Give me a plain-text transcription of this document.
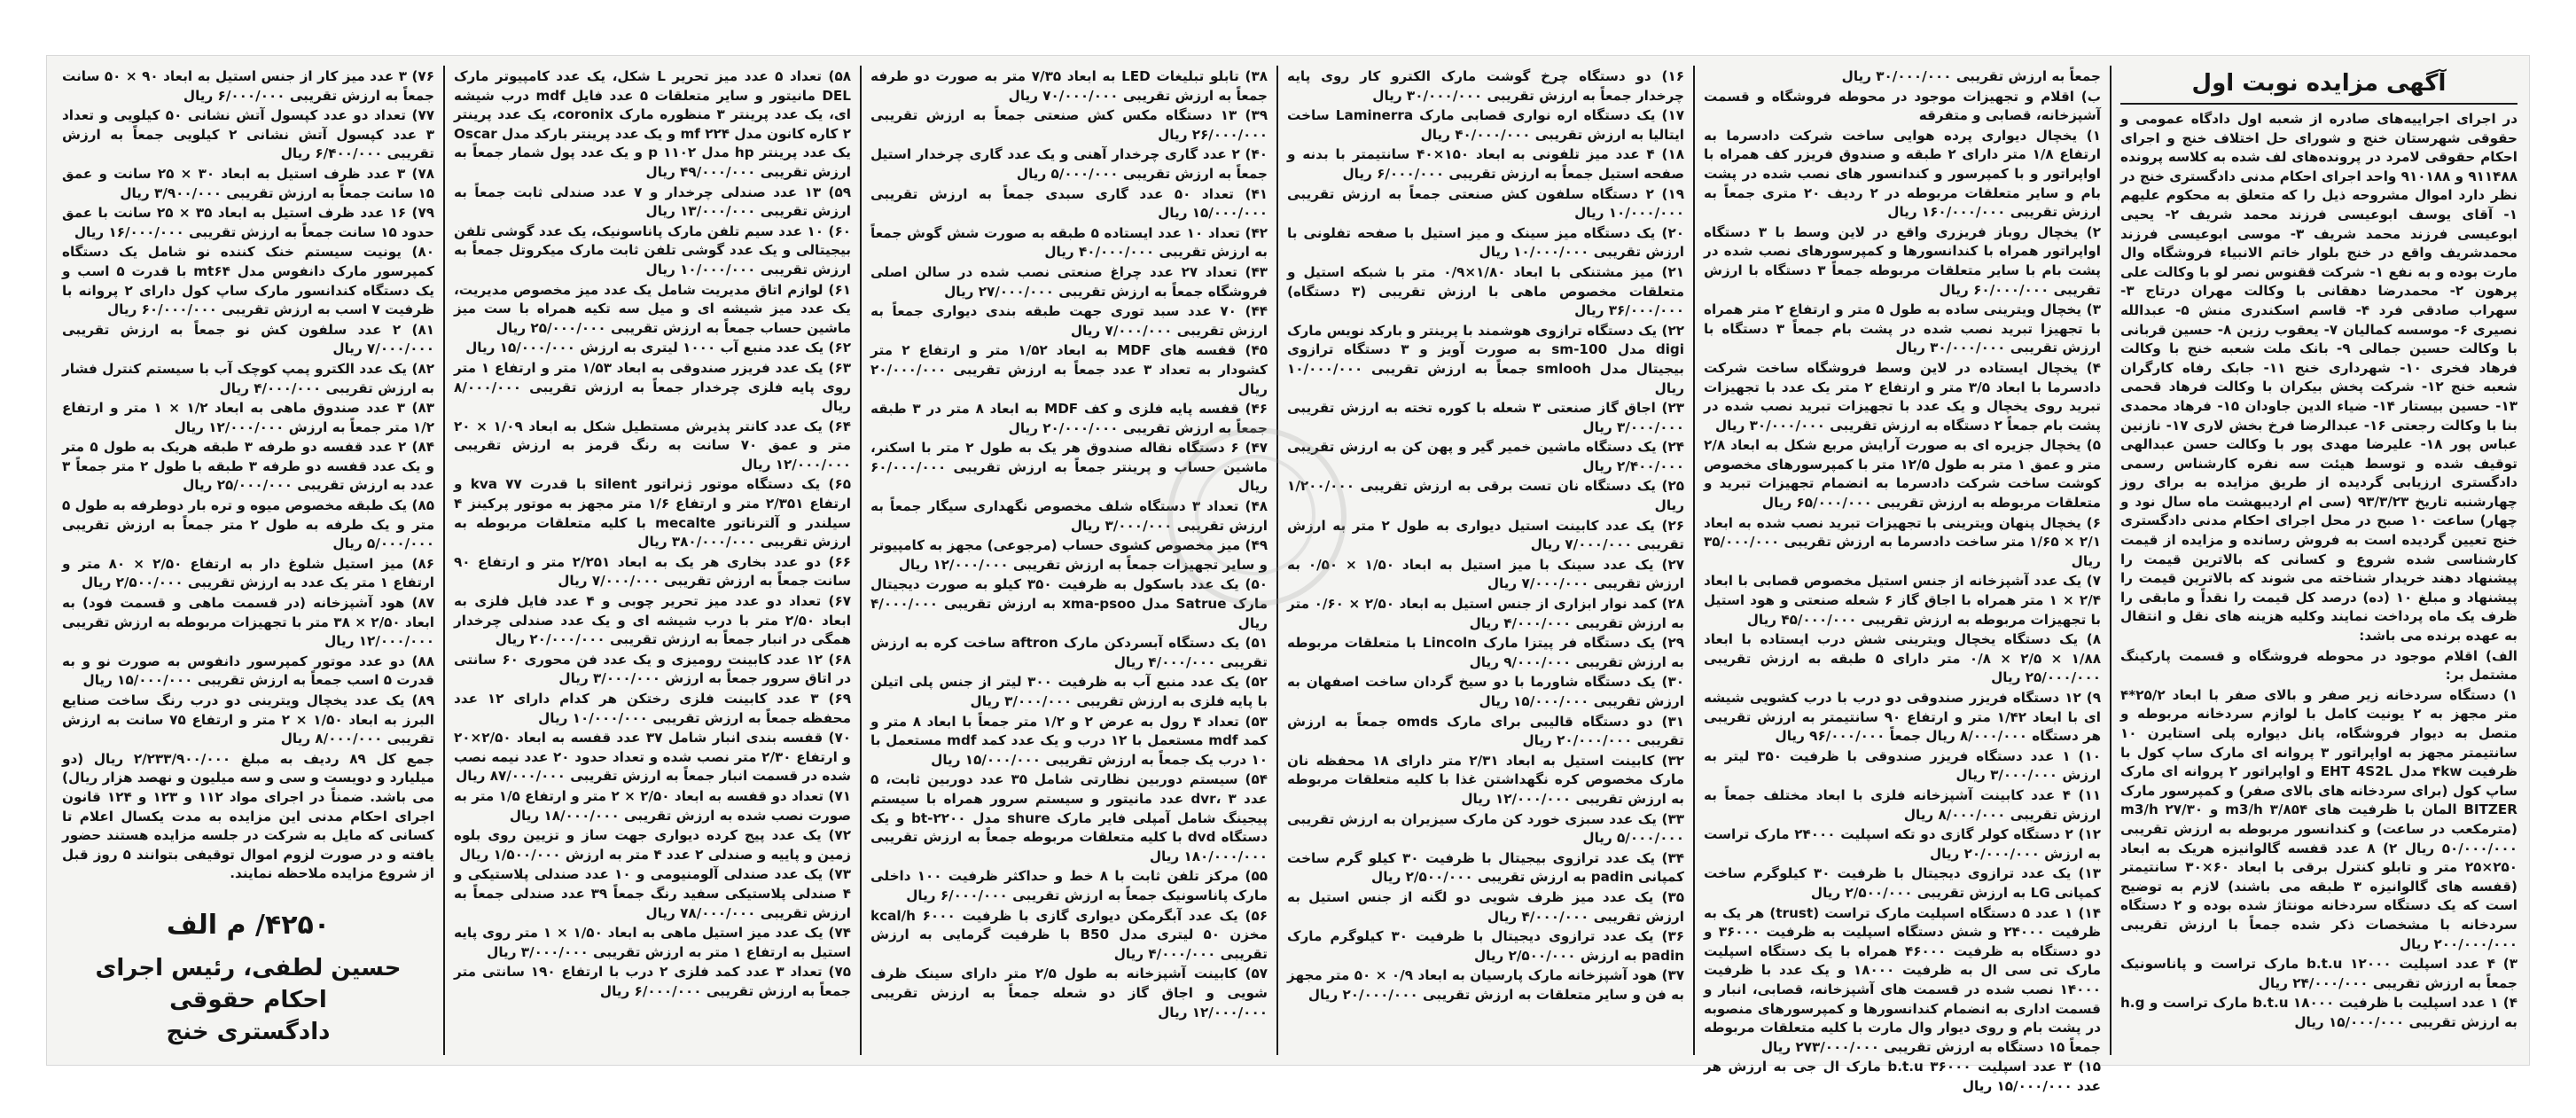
آگهی مزایده نوبت اول

در اجرای اجراییه‌های صادره از شعبه اول دادگاه عمومی و حقوقی شهرستان خنج و شورای حل اختلاف خنج و اجرای احکام حقوقی لامرد در پرونده‌های لف شده به کلاسه پرونده ۹۱۱۴۸۸ و ۹۱۰۱۸۸ واحد اجرای احکام مدنی دادگستری خنج در نظر دارد اموال مشروحه ذیل را که متعلق به محکوم علیهم ۱- آقای یوسف ابوعیسی فرزند محمد شریف ۲- یحیی ابوعیسی فرزند محمد شریف ۳- موسی ابوعیسی فرزند محمدشریف واقع در خنج بلوار خاتم الانبیاء فروشگاه وال مارت بوده و به نفع ۱- شرکت ققنوس نصر لو با وکالت علی پرهون ۲- محمدرضا دهقانی با وکالت مهران درتاج ۳- سهراب صادقی فرد ۴- قاسم اسکندری منش ۵- عبدالله نصیری ۶- موسسه کمالیان ۷- یعقوب رزین ۸- حسین قربانی با وکالت حسین جمالی ۹- بانک ملت شعبه خنج با وکالت فرهاد فخری ۱۰- شهرداری خنج ۱۱- جابک رفاه کارگران شعبه خنج ۱۲- شرکت پخش بیکران با وکالت فرهاد قحمی ۱۳- حسین بیستار ۱۴- ضیاء الدین جاودان ۱۵- فرهاد محمدی بنا با وکالت رجعتی ۱۶- عبدالرضا فرخ بخش لاری ۱۷- نازنین عباس پور ۱۸- علیرضا مهدی پور با وکالت حسن عبدالهی توقیف شده و توسط هیئت سه نفره کارشناس رسمی دادگستری ارزیابی گردیده از طریق مزایده به برای روز چهارشنبه تاریخ ۹۳/۳/۲۳ (سی ام اردیبهشت ماه سال نود و چهار) ساعت ۱۰ صبح در محل اجرای احکام مدنی دادگستری خنج تعیین گردیده است به فروش رسانده و مزایده از قیمت کارشناسی شده شروع و کسانی که بالاترین قیمت را پیشنهاد دهند خریدار شناخته می شوند که بالاترین قیمت را پیشنهاد و مبلغ ۱۰ (ده) درصد کل قیمت را نقداً و مابقی را ظرف یک ماه پرداخت نمایند وکلیه هزینه های نقل و انتقال به عهده برنده می باشد:

الف) اقلام موجود در محوطه فروشگاه و قسمت پارکینگ مشتمل بر:

۱) دستگاه سردخانه زیر صفر و بالای صفر با ابعاد ۲۵/۲*۴ متر مجهز به ۲ یونیت کامل با لوازم سردخانه مربوطه و متصل به دیوار فروشگاه، پانل دیواره پلی استایرن ۱۰ سانتیمتر مجهز به اواپراتور ۳ پروانه ای مارک ساپ کول با ظرفیت ۴kw مدل EHT 4S2L و اواپراتور ۲ پروانه ای مارک ساپ کول (برای سردخانه های بالای صفر) و کمپرسور مارک BITZER المان با ظرفیت های ۳/۸۵۴ m3/h و m3/h ۲۷/۳۰ (مترمکعب در ساعت) و کندانسور مربوطه به ارزش تقریبی ۵۰/۰۰۰/۰۰۰ ریال ۲) ۸ عدد قفسه گالوانیزه هریک به ابعاد ۲۵۰×۲۵ متر و تابلو کنترل برقی با ابعاد ۶۰×۳۰ سانتیمتر (قفسه های گالوانیزه ۳ طبقه می باشند) لازم به توضیح است که یک دستگاه سردخانه مونتاژ شده بوده و ۲ دستگاه سردخانه با مشخصات ذکر شده جمعاً با ارزش تقریبی ۲۰۰/۰۰۰/۰۰۰ ریال

۳) ۴ عدد اسپلیت ۱۲۰۰۰ b.t.u مارک تراست و پاناسونیک جمعاً به ارزش تقریبی ۲۴/۰۰۰/۰۰۰ ریال

۴) ۱ عدد اسپلیت با ظرفیت ۱۸۰۰۰ b.t.u مارک تراست و h.g به ارزش تقریبی ۱۵/۰۰۰/۰۰۰ ریال

جمعاً به ارزش تقریبی ۳۰/۰۰۰/۰۰۰ ریال

ب) اقلام و تجهیزات موجود در محوطه فروشگاه و قسمت آشپزخانه، قصابی و متفرقه

۱) یخچال دیواری پرده هوایی ساخت شرکت دادسرما به ارتفاع ۱/۸ متر دارای ۲ طبقه و صندوق فریزر کف همراه با اواپراتور و با کمپرسور و کندانسور های نصب شده در پشت بام و سایر متعلقات مربوطه در ۲ ردیف ۲۰ متری جمعاً به ارزش تقریبی ۱۶۰/۰۰۰/۰۰۰ ریال

۲) یخچال روباز فریزری واقع در لاین وسط با ۳ دستگاه اواپراتور همراه با کندانسورها و کمپرسورهای نصب شده در پشت بام با سایر متعلقات مربوطه جمعاً ۳ دستگاه با ارزش تقریبی ۶۰/۰۰۰/۰۰۰ ریال

۳) یخچال ویترینی ساده به طول ۵ متر و ارتفاع ۲ متر همراه با تجهیزا تبرید نصب شده در پشت بام جمعاً ۳ دستگاه با ارزش تقریبی ۳۰/۰۰۰/۰۰۰ ریال

۴) یخچال ایستاده در لاین وسط فروشگاه ساخت شرکت دادسرما با ابعاد ۳/۵ متر و ارتفاع ۲ متر یک عدد با تجهیزات تبرید روی یخچال و یک عدد با تجهیزات تبرید نصب شده در پشت بام جمعاً ۲ دستگاه به ارزش تقریبی ۳۰/۰۰۰/۰۰۰ ریال

۵) یخچال جزیره ای به صورت آرایش مربع شکل به ابعاد ۲/۸ متر و عمق ۱ متر به طول ۱۲/۵ متر با کمپرسورهای مخصوص کوشت ساخت شرکت دادسرما به انضمام تجهیزات تبرید و متعلقات مربوطه به ارزش تقریبی ۶۵/۰۰۰/۰۰۰ ریال

۶) یخچال پنهان ویترینی با تجهیزات تبرید نصب شده به ابعاد ۲/۱ × ۱/۶۵ متر ساخت دادسرما به ارزش تقریبی ۳۵/۰۰۰/۰۰۰ ریال

۷) یک عدد آشپزخانه از جنس استیل مخصوص قصابی با ابعاد ۲/۴ × ۱ متر همراه با اجاق گاز ۶ شعله صنعتی و هود استیل با تجهیزات مربوطه به ارزش تقریبی ۴۵/۰۰۰/۰۰۰ ریال

۸) یک دستگاه یخچال ویترینی شش درب ایستاده با ابعاد ۱/۸۸ × ۲/۵ × ۰/۸ متر دارای ۵ طبقه به ارزش تقریبی ۲۵/۰۰۰/۰۰۰ ریال

۹) ۱۲ دستگاه فریزر صندوقی دو درب با درب کشویی شیشه ای با ابعاد ۱/۴۲ متر و ارتفاع ۹۰ سانتیمتر به ارزش تقریبی هر دستگاه ۸/۰۰۰/۰۰۰ ریال جمعاً ۹۶/۰۰۰/۰۰۰ ریال

۱۰) ۱ عدد دستگاه فریزر صندوقی با ظرفیت ۳۵۰ لیتر به ارزش ۳/۰۰۰/۰۰۰ ریال

۱۱) ۴ عدد کابینت آشپزخانه فلزی با ابعاد مختلف جمعاً به ارزش تقریبی ۸/۰۰۰/۰۰۰ ریال

۱۲) ۲ دستگاه کولر گازی دو تکه اسپلیت ۲۴۰۰۰ مارک تراست به ارزش ۲۰/۰۰۰/۰۰۰ ریال

۱۳) یک عدد ترازوی دیجیتال با ظرفیت ۳۰ کیلوگرم ساخت کمپانی LG به ارزش تقریبی ۲/۵۰۰/۰۰۰ ریال

۱۴) ۱ عدد ۵ دستگاه اسپلیت مارک تراست (trust) هر یک به ظرفیت ۲۴۰۰۰ و شش دستگاه اسپلیت به ظرفیت ۳۶۰۰۰ و دو دستگاه به ظرفیت ۴۶۰۰۰ همراه با یک دستگاه اسپلیت مارک تی سی ال به ظرفیت ۱۸۰۰۰ و یک عدد با ظرفیت ۱۴۰۰۰ نصب شده در قسمت های آشپزخانه، قصابی، انبار و قسمت اداری به انضمام کندانسورها و کمپرسورهای منصوبه در پشت بام و روی دیوار وال مارت با کلیه متعلقات مربوطه جمعاً ۱۵ دستگاه به ارزش تقریبی ۲۷۳/۰۰۰/۰۰۰ ریال

۱۵) ۳ عدد اسپلیت ۳۶۰۰۰ b.t.u مارک ال جی به ارزش هر عدد ۱۵/۰۰۰/۰۰۰ ریال

۱۶) دو دستگاه چرخ گوشت مارک الکترو کار روی پایه چرخدار جمعاً به ارزش تقریبی ۳۰/۰۰۰/۰۰۰ ریال

۱۷) یک دستگاه اره نواری قصابی مارک Laminerra ساخت ایتالیا به ارزش تقریبی ۴۰/۰۰۰/۰۰۰ ریال

۱۸) ۴ عدد میز تلفونی به ابعاد ۱۵۰×۴۰ سانتیمتر با بدنه و صفحه استیل جمعاً به ارزش تقریبی ۶/۰۰۰/۰۰۰ ریال

۱۹) ۲ دستگاه سلفون کش صنعتی جمعاً به ارزش تقریبی ۱۰/۰۰۰/۰۰۰ ریال

۲۰) یک دستگاه میز سینک و میز استیل با صفحه تفلونی با ارزش تقریبی ۱۰/۰۰۰/۰۰۰ ریال

۲۱) میز مشتنکی با ابعاد ۱/۸۰×۰/۹ متر با شبکه استیل و متعلقات مخصوص ماهی با ارزش تقریبی (۳ دستگاه) ۳۶/۰۰۰/۰۰۰ ریال

۲۲) یک دستگاه ترازوی هوشمند با پرینتر و بارکد نویس مارک digi مدل sm-100 به صورت آویز و ۳ دستگاه ترازوی بیجیتال مدل smlooh جمعاً به ارزش تقریبی ۱۰/۰۰۰/۰۰۰ ریال

۲۳) اجاق گاز صنعتی ۳ شعله با کوره تخته به ارزش تقریبی ۳/۰۰۰/۰۰۰ ریال

۲۴) یک دستگاه ماشین خمیر گیر و پهن کن به ارزش تقریبی ۲/۴۰۰/۰۰۰ ریال

۲۵) یک دستگاه نان تست برقی به ارزش تقریبی ۱/۲۰۰/۰۰۰ ریال

۲۶) یک عدد کابینت استیل دیواری به طول ۲ متر به ارزش تقریبی ۷/۰۰۰/۰۰۰ ریال

۲۷) یک عدد سینک با میز استیل به ابعاد ۱/۵۰ × ۰/۵۰ به ارزش تقریبی ۷/۰۰۰/۰۰۰ ریال

۲۸) کمد نوار ابزاری از جنس استیل به ابعاد ۲/۵۰ × ۰/۶۰ متر به ارزش تقریبی ۴/۰۰۰/۰۰۰ ریال

۲۹) یک دستگاه فر پیتزا مارک Lincoln با متعلقات مربوطه به ارزش تقریبی ۹/۰۰۰/۰۰۰ ریال

۳۰) یک دستگاه شاورما با دو سیخ گردان ساخت اصفهان به ارزش تقریبی ۱۵/۰۰۰/۰۰۰ ریال

۳۱) دو دستگاه قالیبی برای مارک omds جمعاً به ارزش تقریبی ۲۰/۰۰۰/۰۰۰ ریال

۳۲) کابینت استیل به ابعاد ۲/۳۱ متر دارای ۱۸ محفظه نان مارک مخصوص کره نگهداشتن غذا با کلیه متعلقات مربوطه به ارزش تقریبی ۱۲/۰۰۰/۰۰۰ ریال

۳۳) یک عدد سبزی خورد کن مارک سیزیران به ارزش تقریبی ۵/۰۰۰/۰۰۰ ریال

۳۴) یک عدد ترازوی بیجیتال با ظرفیت ۳۰ کیلو گرم ساخت کمپانی padin به ارزش تقریبی ۲/۵۰۰/۰۰۰ ریال

۳۵) یک عدد میز ظرف شویی دو لگنه از جنس استیل به ارزش تقریبی ۴/۰۰۰/۰۰۰ ریال

۳۶) یک عدد ترازوی دیجیتال با ظرفیت ۳۰ کیلوگرم مارک padin به ارزش ۲/۵۰۰/۰۰۰ ریال

۳۷) هود آشپزخانه مارک پارسیان به ابعاد ۰/۹ × ۵۰ متر مجهز به فن و سایر متعلقات به ارزش تقریبی ۲۰/۰۰۰/۰۰۰ ریال

۳۸) تابلو تبلیغات LED به ابعاد ۷/۳۵ متر به صورت دو طرفه جمعاً به ارزش تقریبی ۷۰/۰۰۰/۰۰۰ ریال

۳۹) ۱۳ دستگاه مکس کش صنعتی جمعاً به ارزش تقریبی ۲۶/۰۰۰/۰۰۰ ریال

۴۰) ۲ عدد گاری چرخدار آهنی و یک عدد گاری چرخدار استیل جمعاً به ارزش تقریبی ۵/۰۰۰/۰۰۰ ریال

۴۱) تعداد ۵۰ عدد گاری سبدی جمعاً به ارزش تقریبی ۱۵/۰۰۰/۰۰۰ ریال

۴۲) تعداد ۱۰ عدد ایستاده ۵ طبقه به صورت شش گوش جمعاً به ارزش تقریبی ۴۰/۰۰۰/۰۰۰ ریال

۴۳) تعداد ۲۷ عدد چراغ صنعتی نصب شده در سالن اصلی فروشگاه جمعاً به ارزش تقریبی ۲۷/۰۰۰/۰۰۰ ریال

۴۴) ۷۰ عدد سبد توری جهت طبقه بندی دیواری جمعاً به ارزش تقریبی ۷/۰۰۰/۰۰۰ ریال

۴۵) قفسه های MDF به ابعاد ۱/۵۲ متر و ارتفاع ۲ متر کشودار به تعداد ۳ عدد جمعاً به ارزش تقریبی ۲۰/۰۰۰/۰۰۰ ریال

۴۶) قفسه پایه فلزی و کف MDF به ابعاد ۸ متر در ۳ طبقه جمعاً به ارزش تقریبی ۲۰/۰۰۰/۰۰۰ ریال

۴۷) ۶ دستگاه نقاله صندوق هر یک به طول ۲ متر با اسکنر، ماشین حساب و پرینتر جمعاً به ارزش تقریبی ۶۰/۰۰۰/۰۰۰ ریال

۴۸) تعداد ۳ دستگاه شلف مخصوص نگهداری سیگار جمعاً به ارزش تقریبی ۳/۰۰۰/۰۰۰ ریال

۴۹) میز مخصوص کشوی حساب (مرجوعی) مجهز به کامپیوتر و سایر تجهیزات جمعاً به ارزش تقریبی ۱۲/۰۰۰/۰۰۰ ریال

۵۰) یک عدد باسکول به ظرفیت ۳۵۰ کیلو به صورت دیجیتال مارک Satrue مدل xma-psoo به ارزش تقریبی ۴/۰۰۰/۰۰۰ ریال

۵۱) یک دستگاه آبسردکن مارک aftron ساخت کره به ارزش تقریبی ۴/۰۰۰/۰۰۰ ریال

۵۲) یک عدد منبع آب به ظرفیت ۳۰۰ لیتر از جنس پلی اتیلن با پایه فلزی به ارزش تقریبی ۳/۰۰۰/۰۰۰ ریال

۵۳) تعداد ۴ رول به عرض ۲ و ۱/۲ متر جمعاً با ابعاد ۸ متر و کمد mdf مستعمل با ۱۲ درب و یک عدد کمد mdf مستعمل با ۱۰ درب یک جمعاً به ارزش تقریبی ۱۵/۰۰۰/۰۰۰ ریال

۵۴) سیستم دوربین نظارتی شامل ۳۵ عدد دوربین ثابت، ۵ عدد dvr، ۳ عدد مانیتور و سیستم سرور همراه با سیستم پیجینگ شامل آمپلی فایر مارک shure مدل bt-۲۲۰۰ و یک دستگاه dvd با کلیه متعلقات مربوطه جمعاً به ارزش تقریبی ۱۸۰/۰۰۰/۰۰۰ ریال

۵۵) مرکز تلفن ثابت با ۸ خط و حداکثر ظرفیت ۱۰۰ داخلی مارک پاناسونیک جمعاً به ارزش تقریبی ۶/۰۰۰/۰۰۰ ریال

۵۶) یک عدد آبگرمکن دیواری گازی با ظرفیت kcal/h ۶۰۰۰ مخزن ۵۰ لیتری مدل B50 با ظرفیت گرمایی به ارزش تقریبی ۴/۰۰۰/۰۰۰ ریال

۵۷) کابینت آشپزخانه به طول ۲/۵ متر دارای سینک ظرف شویی و اجاق گاز دو شعله جمعاً به ارزش تقریبی ۱۲/۰۰۰/۰۰۰ ریال

۵۸) تعداد ۵ عدد میز تحریر L شکل، یک عدد کامپیوتر مارک DEL مانیتور و سایر متعلقات ۵ عدد فایل mdf درب شیشه ای، یک عدد پرینتر ۳ منظوره مارک coronix، یک عدد پرینتر ۲ کاره کانون مدل mf ۲۲۴ و یک عدد پرینتر بارکد مدل Oscar یک عدد پرینتر hp مدل ۱۱۰۲ p و یک عدد پول شمار جمعاً به ارزش تقریبی ۴۹/۰۰۰/۰۰۰ ریال

۵۹) ۱۳ عدد صندلی چرخدار و ۷ عدد صندلی ثابت جمعاً به ارزش تقریبی ۱۳/۰۰۰/۰۰۰ ریال

۶۰) ۱۰ عدد سیم تلفن مارک پاناسونیک، یک عدد گوشی تلفن بیجیتالی و یک عدد گوشی تلفن ثابت مارک میکروتل جمعاً به ارزش تقریبی ۱۰/۰۰۰/۰۰۰ ریال

۶۱) لوازم اتاق مدیریت شامل یک عدد میز مخصوص مدیریت، یک عدد میز شیشه ای و میل سه تکیه همراه با ست میز ماشین حساب جمعاً به ارزش تقریبی ۲۵/۰۰۰/۰۰۰ ریال

۶۲) یک عدد منبع آب ۱۰۰۰ لیتری به ارزش ۱۵/۰۰۰/۰۰۰ ریال

۶۳) یک عدد فریزر صندوقی به ابعاد ۱/۵۳ متر و ارتفاع ۱ متر روی پایه فلزی چرخدار جمعاً به ارزش تقریبی ۸/۰۰۰/۰۰۰ ریال

۶۴) یک عدد کانتر پذیرش مستطیل شکل به ابعاد ۱/۰۹ × ۲۰ متر و عمق ۷۰ سانت به رنگ قرمز به ارزش تقریبی ۱۲/۰۰۰/۰۰۰ ریال

۶۵) یک دستگاه موتور ژنراتور silent با قدرت kva ۷۷ و ارتفاع ۲/۳۵۱ متر و ارتفاع ۱/۶ متر مجهز به موتور پرکینز ۴ سیلندر و آلترناتور mecalte با کلیه متعلقات مربوطه به ارزش تقریبی ۳۸۰/۰۰۰/۰۰۰ ریال

۶۶) دو عدد بخاری هر یک به ابعاد ۲/۲۵۱ متر و ارتفاع ۹۰ سانت جمعاً به ارزش تقریبی ۷/۰۰۰/۰۰۰ ریال

۶۷) تعداد دو عدد میز تحریر چوبی و ۴ عدد فایل فلزی به ابعاد ۲/۵۰ متر با درب شیشه ای و یک عدد صندلی چرخدار همگی در انبار جمعاً به ارزش تقریبی ۲۰/۰۰۰/۰۰۰ ریال

۶۸) ۱۲ عدد کابینت رومیزی و یک عدد فن محوری ۶۰ سانتی در اتاق سرور جمعاً به ارزش ۳/۰۰۰/۰۰۰ ریال

۶۹) ۳ عدد کابینت فلزی رختکن هر کدام دارای ۱۲ عدد محفظه جمعاً به ارزش تقریبی ۱۰/۰۰۰/۰۰۰ ریال

۷۰) قفسه بندی انبار شامل ۳۷ عدد قفسه به ابعاد ۲/۵۰×۲۰ و ارتفاع ۲/۳۰ متر نصب شده و تعداد حدود ۲۰ عدد نیمه نصب شده در قسمت انبار جمعاً به ارزش تقریبی ۸۷/۰۰۰/۰۰۰ ریال

۷۱) تعداد دو قفسه به ابعاد ۲/۵۰ × ۲ متر و ارتفاع ۱/۵ متر به صورت نصب شده به ارزش تقریبی ۱۸/۰۰۰/۰۰۰ ریال

۷۲) یک عدد پیج کرده دیواری جهت ساز و تزیین روی بلوه زمین و پاییه و صندلی ۲ عدد ۴ متر به ارزش ۱/۵۰۰/۰۰۰ ریال

۷۳) یک عدد صندلی آلومنیومی و ۱۰ عدد صندلی پلاستیکی و ۴ صندلی پلاستیکی سفید رنگ جمعاً ۳۹ عدد صندلی جمعاً به ارزش تقریبی ۷۸/۰۰۰/۰۰۰ ریال

۷۴) یک عدد میز استیل ماهی به ابعاد ۱/۵۰ × ۱ متر روی پایه استیل به ارتفاع ۱ متر به ارزش تقریبی ۳/۰۰۰/۰۰۰ ریال

۷۵) تعداد ۳ عدد کمد فلزی ۲ درب با ارتفاع ۱۹۰ سانتی متر جمعاً به ارزش تقریبی ۶/۰۰۰/۰۰۰ ریال

۷۶) ۳ عدد میز کار از جنس استیل به ابعاد ۹۰ × ۵۰ سانت جمعاً به ارزش تقریبی ۶/۰۰۰/۰۰۰ ریال

۷۷) تعداد دو عدد کپسول آتش نشانی ۵۰ کیلویی و تعداد ۳ عدد کپسول آتش نشانی ۲ کیلویی جمعاً به ارزش تقریبی ۶/۴۰۰/۰۰۰ ریال

۷۸) ۳ عدد ظرف استیل به ابعاد ۳۰ × ۲۵ سانت و عمق ۱۵ سانت جمعاً به ارزش تقریبی ۳/۹۰۰/۰۰۰ ریال

۷۹) ۱۶ عدد ظرف استیل به ابعاد ۳۵ × ۲۵ سانت با عمق حدود ۱۵ سانت جمعاً به ارزش تقریبی ۱۶/۰۰۰/۰۰۰ ریال

۸۰) یونیت سیستم خنک کننده نو شامل یک دستگاه کمپرسور مارک دانفوس مدل mt۶۴ با قدرت ۵ اسب و یک دستگاه کندانسور مارک ساپ کول دارای ۲ پروانه با ظرفیت ۷ اسب به ارزش تقریبی ۶۰/۰۰۰/۰۰۰ ریال

۸۱) ۲ عدد سلفون کش نو جمعاً به ارزش تقریبی ۷/۰۰۰/۰۰۰ ریال

۸۲) یک عدد الکترو پمپ کوچک آب با سیستم کنترل فشار به ارزش تقریبی ۴/۰۰۰/۰۰۰ ریال

۸۳) ۳ عدد صندوق ماهی به ابعاد ۱/۲ × ۱ متر و ارتفاع ۱/۲ متر جمعاً به ارزش ۱۲/۰۰۰/۰۰۰ ریال

۸۴) ۲ عدد قفسه دو طرفه ۳ طبقه هریک به طول ۵ متر و یک عدد قفسه دو طرفه ۳ طبقه با طول ۲ متر جمعاً ۳ عدد به ارزش تقریبی ۲۵/۰۰۰/۰۰۰ ریال

۸۵) یک طبقه مخصوص میوه و تره بار دوطرفه به طول ۵ متر و یک طرفه به طول ۲ متر جمعاً به ارزش تقریبی ۵/۰۰۰/۰۰۰ ریال

۸۶) میز استیل شلوغ دار به ارتفاع ۲/۵۰ × ۸۰ متر و ارتفاع ۱ متر یک عدد به ارزش تقریبی ۲/۵۰۰/۰۰۰ ریال

۸۷) هود آشپزخانه (در قسمت ماهی و قسمت فود) به ابعاد ۲/۵۰ × ۳۸ متر با تجهیزات مربوطه به ارزش تقریبی ۱۲/۰۰۰/۰۰۰ ریال

۸۸) دو عدد موتور کمپرسور دانفوس به صورت نو و به قدرت ۵ اسب جمعاً به ارزش تقریبی ۱۵/۰۰۰/۰۰۰ ریال

۸۹) یک عدد یخچال ویترینی دو درب رنگ ساخت صنایع البرز به ابعاد ۱/۵۰ × ۲ متر و ارتفاع ۷۵ سانت به ارزش تقریبی ۸/۰۰۰/۰۰۰ ریال

جمع کل ۸۹ ردیف به مبلغ ۲/۲۳۳/۹۰۰/۰۰۰ ریال (دو میلیارد و دویست و سی و سه میلیون و نهصد هزار ریال) می باشد. ضمناً در اجرای مواد ۱۱۲ و ۱۲۳ و ۱۲۴ قانون اجرای احکام مدنی این مزایده به مدت یکسال اعلام تا کسانی که مایل به شرکت در جلسه مزایده هستند حضور یافته و در صورت لزوم اموال توقیفی بتوانند ۵ روز قبل از شروع مزایده ملاحظه نمایند.

۴۲۵۰/ م الف

حسین لطفی، رئیس اجرای احکام حقوقی

دادگستری خنج
